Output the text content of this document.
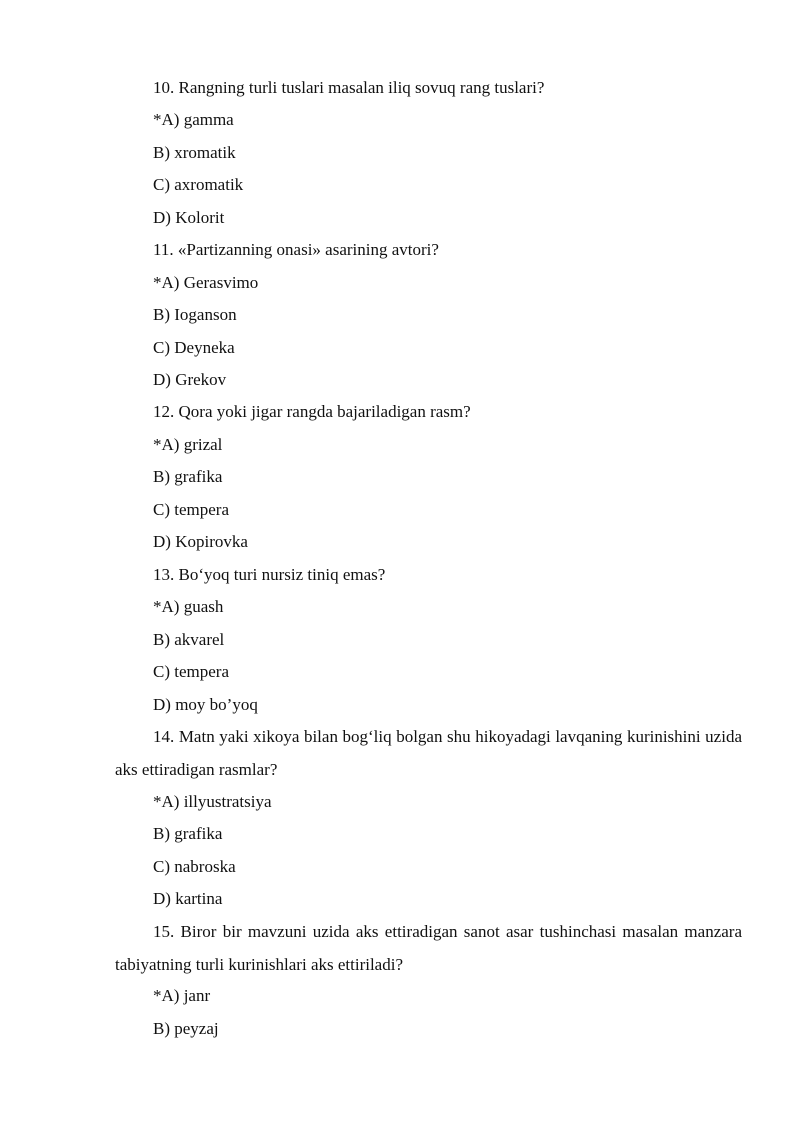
10. Rangning turli tuslari masalan iliq sovuq rang tuslari?
*A) gamma
B) xromatik
C) axromatik
D) Kolorit
11. «Partizanning onasi» asarining avtori?
*A) Gerasvimo
B) Ioganson
C) Deyneka
D) Grekov
12. Qora yoki jigar rangda bajariladigan rasm?
*A) grizal
B) grafika
C) tempera
D) Kopirovka
13. Bo‘yoq turi nursiz tiniq emas?
*A) guash
B) akvarel
C) tempera
D) moy bo’yoq
14. Matn yaki xikoya bilan bog‘liq bolgan shu hikoyadagi lavqaning kurinishini uzida aks ettiradigan rasmlar?
*A) illyustratsiya
B) grafika
C) nabroska
D) kartina
15. Biror bir mavzuni uzida aks ettiradigan sanot asar tushinchasi masalan manzara tabiyatning turli kurinishlari aks ettiriladi?
*A) janr
B) peyzaj
